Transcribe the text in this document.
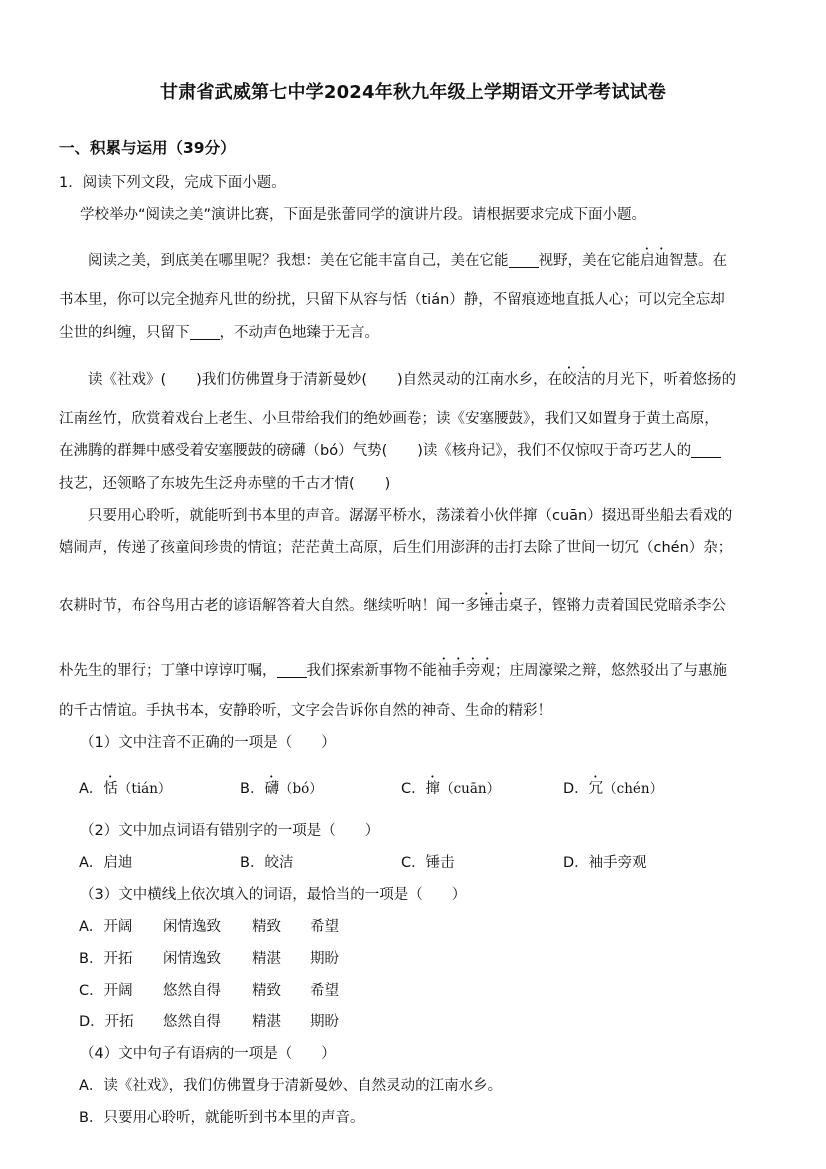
甘肃省武威第七中学2024年秋九年级上学期语文开学考试试卷
一、积累与运用（39分）
1．阅读下列文段，完成下面小题。
学校举办“阅读之美”演讲比赛，下面是张蕾同学的演讲片段。请根据要求完成下面小题。
阅读之美，到底美在哪里呢？我想：美在它能丰富自己，美在它能 视野，美在它能启迪智慧。在
书本里，你可以完全抛弃凡世的纷扰，只留下从容与恬（tián）静，不留痕迹地直抵人心；可以完全忘却
尘世的纠缠，只留下 ，不动声色地臻于无言。
读《社戏》( )我们仿佛置身于清新曼妙( )自然灵动的江南水乡，在皎洁的月光下，听着悠扬的
江南丝竹，欣赏着戏台上老生、小旦带给我们的绝妙画卷；读《安塞腰鼓》，我们又如置身于黄土高原，
在沸腾的群舞中感受着安塞腰鼓的磅礴（bó）气势( )读《核舟记》，我们不仅惊叹于奇巧艺人的
技艺，还领略了东坡先生泛舟赤壁的千古才情( )
只要用心聆听，就能听到书本里的声音。潺潺平桥水，荡漾着小伙伴撺（cuān）掇迅哥坐船去看戏的
嬉闹声，传递了孩童间珍贵的情谊；茫茫黄土高原，后生们用澎湃的击打去除了世间一切冗（chén）杂；
农耕时节，布谷鸟用古老的谚语解答着大自然。继续听呐！闻一多锤击桌子，铿锵力责着国民党暗杀李公
朴先生的罪行；丁肇中谆谆叮嘱， 我们探索新事物不能袖手旁观；庄周濠梁之辩，悠然驳出了与惠施
的千古情谊。手执书本，安静聆听，文字会告诉你自然的神奇、生命的精彩！
（1）文中注音不正确的一项是（　　）
A．恬（tián）	B．礴（bó）	C．撺（cuān）	D．冗（chén）
（2）文中加点词语有错别字的一项是（　　）
A．启迪	B．皎洁	C．锤击	D．袖手旁观
（3）文中横线上依次填入的词语，最恰当的一项是（　　）
A．开阔 闲情逸致 精致 希望
B．开拓 闲情逸致 精湛 期盼
C．开阔 悠然自得 精致 希望
D．开拓 悠然自得 精湛 期盼
（4）文中句子有语病的一项是（　　）
A．读《社戏》，我们仿佛置身于清新曼妙、自然灵动的江南水乡。
B．只要用心聆听，就能听到书本里的声音。
